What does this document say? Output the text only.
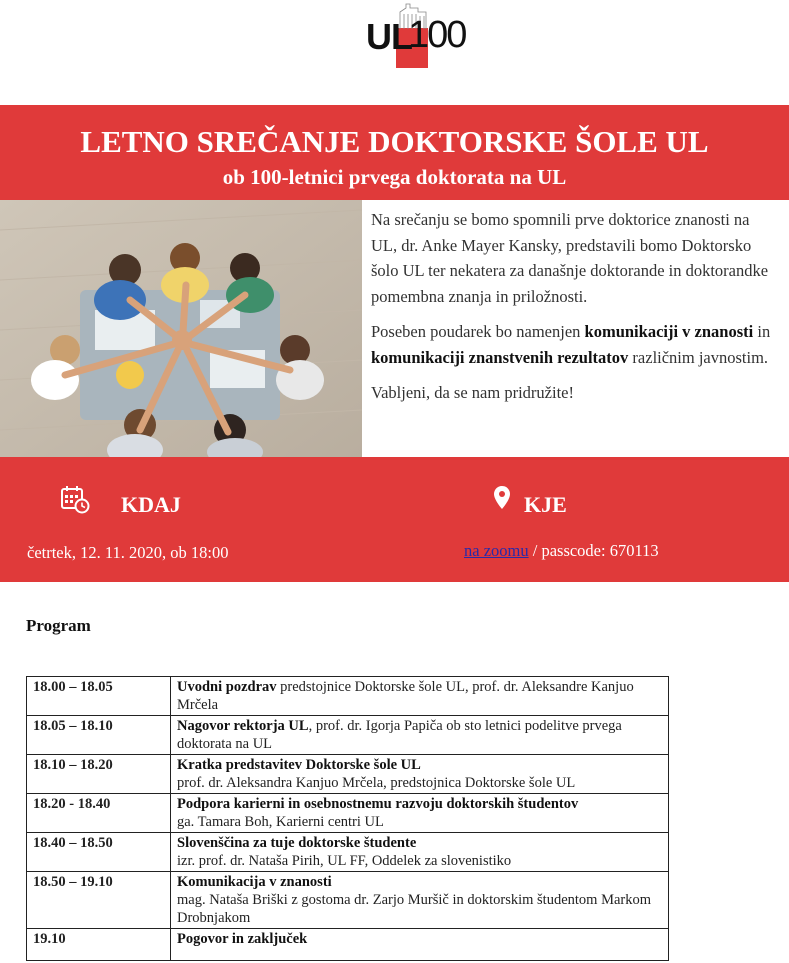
UL
100
LETNO SREČANJE DOKTORSKE ŠOLE UL
ob 100-letnici prvega doktorata na UL

Na srečanju se bomo spomnili prve doktorice znanosti na UL, dr. Anke Mayer Kansky, predstavili bomo Doktorsko šolo UL ter nekatera za današnje doktorande in doktorandke pomembna znanja in priložnosti.

Poseben poudarek bo namenjen komunikaciji v znanosti in komunikaciji znanstvenih rezultatov različnim javnostim.

Vabljeni, da se nam pridružite!

KDAJ	KJE
četrtek, 12. 11. 2020, ob 18:00	na zoomu / passcode: 670113
Program
18.00 – 18.05	Uvodni pozdrav predstojnice Doktorske šole UL, prof. dr. Aleksandre Kanjuo Mrčela
18.05 – 18.10	Nagovor rektorja UL, prof. dr. Igorja Papiča ob sto letnici podelitve prvega doktorata na UL
18.10 – 18.20	Kratka predstavitev Doktorske šole UL
prof. dr. Aleksandra Kanjuo Mrčela, predstojnica Doktorske šole UL
18.20 - 18.40	Podpora karierni in osebnostnemu razvoju doktorskih študentov
ga. Tamara Boh, Karierni centri UL
18.40 – 18.50	Slovenščina za tuje doktorske študente
izr. prof. dr. Nataša Pirih, UL FF, Oddelek za slovenistiko
18.50 – 19.10	Komunikacija v znanosti
mag. Nataša Briški z gostoma dr. Zarjo Muršič in doktorskim študentom Markom Drobnjakom
19.10	Pogovor in zaključek
